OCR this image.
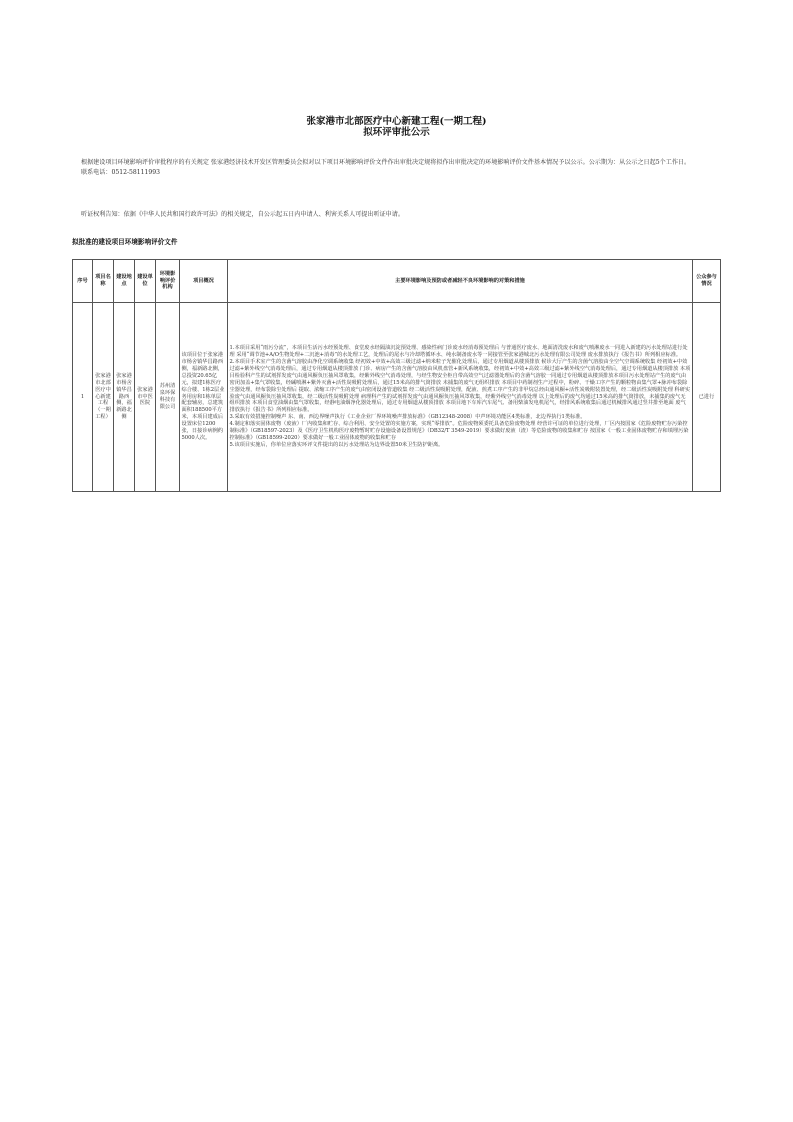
张家港市北部医疗中心新建工程(一期工程)
拟环评审批公示

根据建设项目环境影响评价审批程序的有关规定 张家港经济技术开发区管理委员会拟对以下项目环境影响评价文件作出审批决定规将拟作出审批决定的环境影响评价文件基本情况予以公示。公示期为：从公示之日起5个工作日。

联系电话：0512-58111993

听证权利告知：依据《中华人民共和国行政许可法》的相关规定，自公示起五日内申请人、利害关系人可提出听证申请。
拟批准的建设项目环境影响评价文件
序号	项目名称	建设地点	建设单位	环境影响评价机构	项目概况	主要环境影响及预防或者减轻不良环境影响的对策和措施	公众参与情况
1	张家港市北部医疗中心新建工程（一期工程）	张家港市杨舍镇华昌路西侧，福新路北侧	张家港市中医医院	苏州清泉环保科技有限公司	该项目位于张家港市杨舍镇华昌路西侧，福新路北侧，总投资20.65亿元，拟建1栋医疗综合楼、1栋2层业务用房和1栋单层配套辅房，总建筑面积188500平方米，本项目建成后设置床位1200张，日接诊病例约5000人次。	1.本项目采用“雨污分流”，本项目生活污水经预处理、食堂废水经隔油沉淀预处理、感染性病门诊废水经消毒预处理后 与普通医疗废水、地面清洗废水和废气喷淋废水一同进入新建的污水处理站进行处理 采用“调节池+A/O生物处理+二沉池+消毒”的水处理工艺，处理后的尾水与冷却塔循环水、纯水制备废水等一同接管至张家港城北污水处理有限公司处理 废水排放执行《报告书》所列相应标准。

2.本项目手术室产生的含菌气溶胶由净化空调系统收集 经初效+中效+高效三级过滤+纳米粒子光催化处理后，通过专用烟道从楼顶排放 候诊大厅产生的含菌气溶胶由全空气空调系统收集 经初效+中效过滤+紫外线空气消毒处理后，通过专用烟道从楼顶排放 门诊、病房产生的含菌气溶胶由风机盘管+新风系统收集，经初效+中效+高效三级过滤+紫外线空气消毒处理后，通过专用烟道从楼顶排放 本项目检验科产生的试剂挥发废气由通风橱负压抽风罩收集，经紫外线空气消毒处理，与经生物安全柜自带高效空气过滤器处理后的含菌气溶胶一同通过专用烟道从楼顶排放本项目污水处理站产生的废气由密闭加盖+集气罩收集，经碱喷淋+紫外灭菌+活性炭吸附处理后，通过15米高的排气筒排放 未捕集的废气无组织排放 本项目中药制剂生产过程中，粉碎、干燥工序产生的颗粒物由集气罩+脉冲布袋除尘器处理，经布袋除尘处理后 提取、浓缩工序产生的废气由密闭设备管道收集 经二级活性炭吸附处理，配液、煎煮工序产生的非甲烷总烃由通风橱+活性炭吸附装置处理，经二级活性炭吸附处理 科研实验废气由通风橱负压抽风罩收集，经二级活性炭吸附处理 病理科产生的试剂挥发废气由通风橱负压抽风罩收集，经紫外线空气消毒处理 以上处理后的废气均通过15米高的排气筒排放，未捕集的废气无组织排放 本项目食堂油烟由集气罩收集，经静电油烟净化器处理后，通过专用烟道从楼顶排放 本项目地下车库汽车尾气、备用柴油发电机尾气，经排风系统收集后通过机械排风通过竖井排至地面 废气排放执行《报告书》所列相应标准。

3.采取有效措施控制噪声 东、南、西边界噪声执行《工业企业厂界环境噪声排放标准》（GB12348-2008）中声环境功能区4类标准，北边界执行1类标准。

4.制定和落实固体废物（废液）厂内收集和贮存、综合利用、安全处置的实施方案，实现“零排放”。危险废物须委托具备危险废物处理 经营许可证的单位进行处理，厂区内按国家《危险废物贮存污染控制标准》（GB18597-2023）及《医疗卫生机构医疗废物暂时贮存设施设备设置规范》（DB32/T 3549-2019）要求做好废液（渣）等危险废物的收集和贮存 按国家《一般工业固体废物贮存和填埋污染控制标准》（GB18599-2020）要求做好一般工业固体废物的收集和贮存

5.该项目实施后，你单位应落实环评文件提出的以污水处理站为边界设置50米卫生防护距离。	已进行
